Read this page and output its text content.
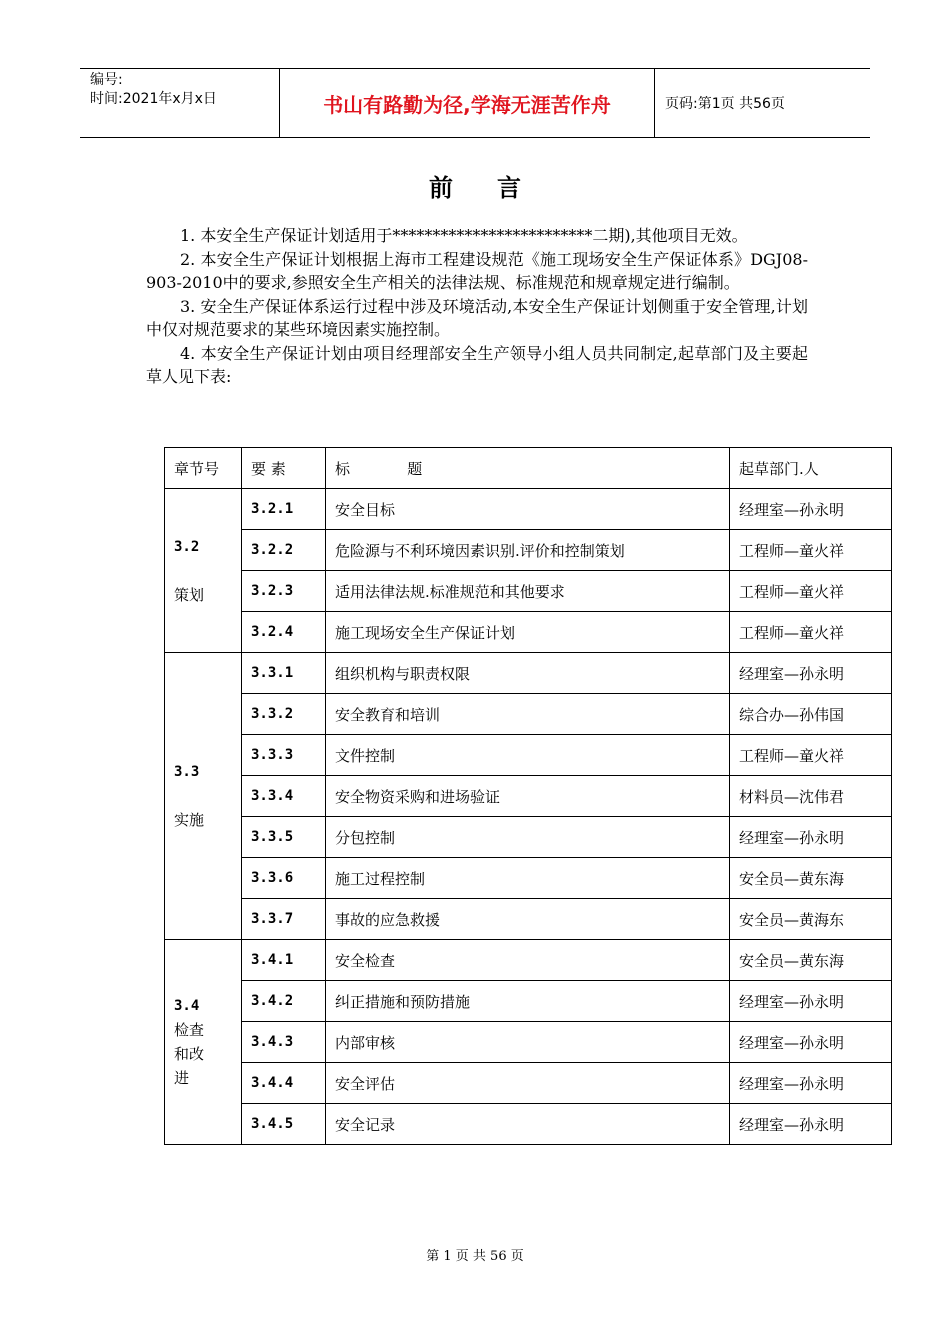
编号:
时间:2021年x月x日	书山有路勤为径,学海无涯苦作舟	页码:第1页 共56页
前言

1. 本安全生产保证计划适用于*************************二期),其他项目无效。

2. 本安全生产保证计划根据上海市工程建设规范《施工现场安全生产保证体系》DGJ08-903-2010中的要求,参照安全生产相关的法律法规、标准规范和规章规定进行编制。

3. 安全生产保证体系运行过程中涉及环境活动,本安全生产保证计划侧重于安全管理,计划中仅对规范要求的某些环境因素实施控制。

4. 本安全生产保证计划由项目经理部安全生产领导小组人员共同制定,起草部门及主要起草人见下表:

章节号	要 素	标            题	起草部门.人

3.2
策划	3.2.1	安全目标	经理室—孙永明
	3.2.2	危险源与不利环境因素识别.评价和控制策划	工程师—童火祥
	3.2.3	适用法律法规.标准规范和其他要求	工程师—童火祥
	3.2.4	施工现场安全生产保证计划	工程师—童火祥

3.3
实施	3.3.1	组织机构与职责权限	经理室—孙永明
	3.3.2	安全教育和培训	综合办—孙伟国
	3.3.3	文件控制	工程师—童火祥
	3.3.4	安全物资采购和进场验证	材料员—沈伟君
	3.3.5	分包控制	经理室—孙永明
	3.3.6	施工过程控制	安全员—黄东海
	3.3.7	事故的应急救援	安全员—黄海东

3.4
检查和改进	3.4.1	安全检查	安全员—黄东海
	3.4.2	纠正措施和预防措施	经理室—孙永明
	3.4.3	内部审核	经理室—孙永明
	3.4.4	安全评估	经理室—孙永明
	3.4.5	安全记录	经理室—孙永明
第 1 页 共 56 页
